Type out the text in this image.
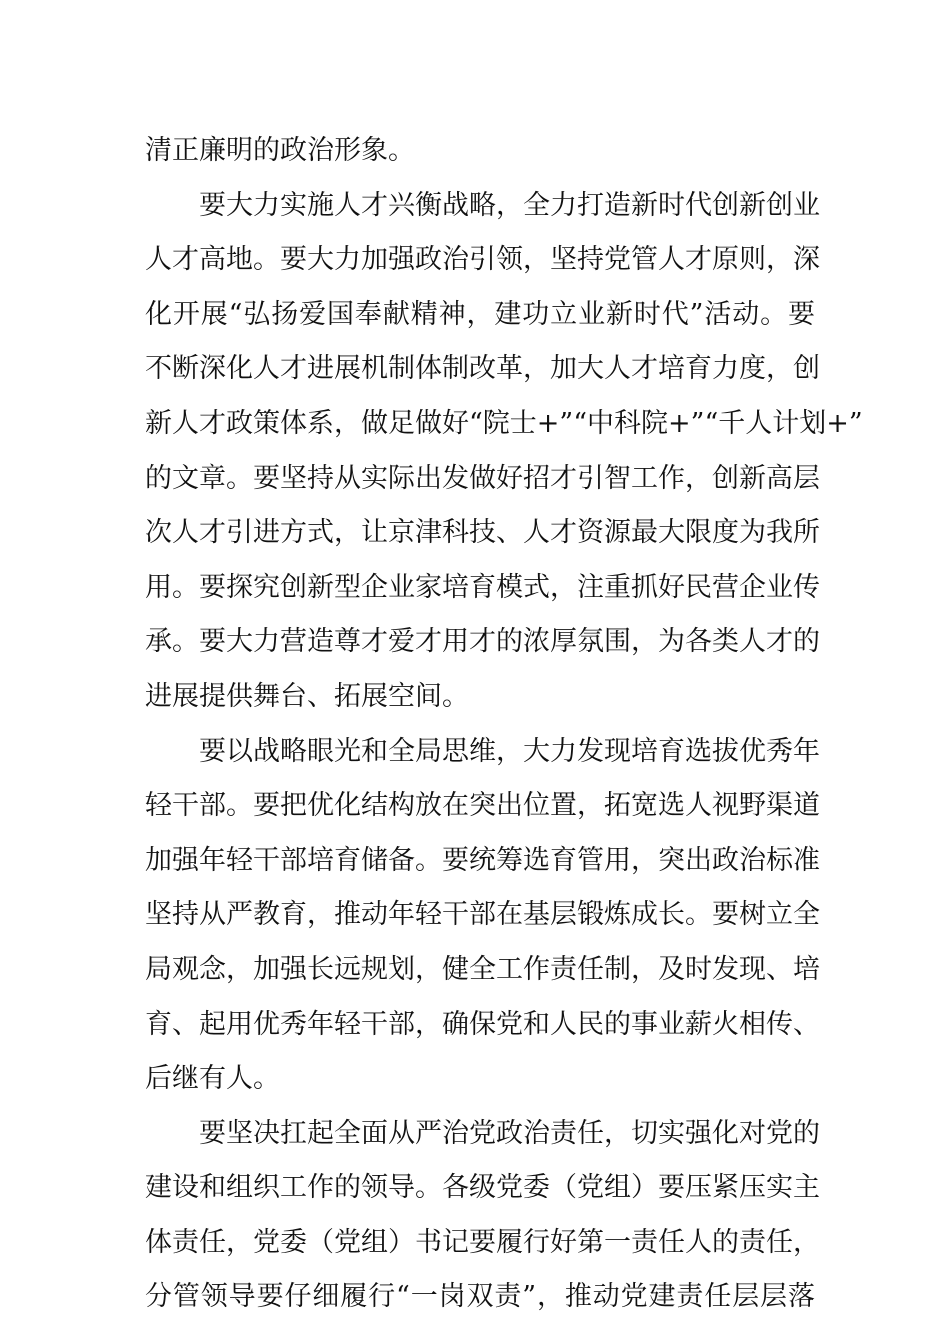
清正廉明的政治形象。
要大力实施人才兴衡战略，全力打造新时代创新创业
人才高地。要大力加强政治引领，坚持党管人才原则，深
化开展“弘扬爱国奉献精神，建功立业新时代”活动。要
不断深化人才进展机制体制改革，加大人才培育力度，创
新人才政策体系，做足做好“院士+”“中科院+”“千人计划+”
的文章。要坚持从实际出发做好招才引智工作，创新高层
次人才引进方式，让京津科技、人才资源最大限度为我所
用。要探究创新型企业家培育模式，注重抓好民营企业传
承。要大力营造尊才爱才用才的浓厚氛围，为各类人才的
进展提供舞台、拓展空间。
要以战略眼光和全局思维，大力发现培育选拔优秀年
轻干部。要把优化结构放在突出位置，拓宽选人视野渠道
加强年轻干部培育储备。要统筹选育管用，突出政治标准
坚持从严教育，推动年轻干部在基层锻炼成长。要树立全
局观念，加强长远规划，健全工作责任制，及时发现、培
育、起用优秀年轻干部，确保党和人民的事业薪火相传、
后继有人。
要坚决扛起全面从严治党政治责任，切实强化对党的
建设和组织工作的领导。各级党委（党组）要压紧压实主
体责任，党委（党组）书记要履行好第一责任人的责任，
分管领导要仔细履行“一岗双责”，推动党建责任层层落
